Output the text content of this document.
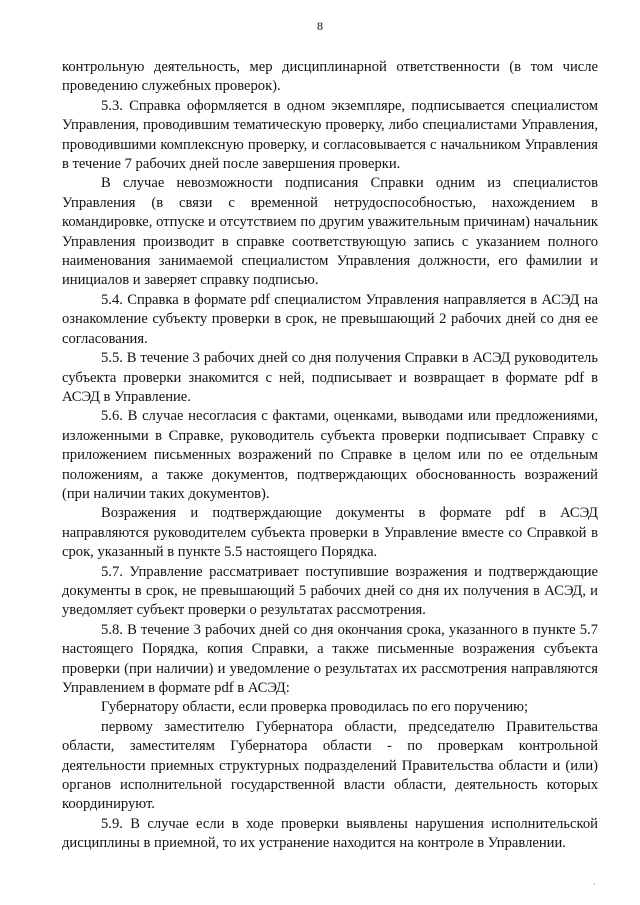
8

контрольную деятельность, мер дисциплинарной ответственности (в том числе проведению служебных проверок).

5.3. Справка оформляется в одном экземпляре, подписывается специалистом Управления, проводившим тематическую проверку, либо специалистами Управления, проводившими комплексную проверку, и согласовывается с начальником Управления в течение 7 рабочих дней после завершения проверки.

В случае невозможности подписания Справки одним из специалистов Управления (в связи с временной нетрудоспособностью, нахождением в командировке, отпуске и отсутствием по другим уважительным причинам) начальник Управления производит в справке соответствующую запись с указанием полного наименования занимаемой специалистом Управления должности, его фамилии и инициалов и заверяет справку подписью.

5.4. Справка в формате pdf специалистом Управления направляется в АСЭД на ознакомление субъекту проверки в срок, не превышающий 2 рабочих дней со дня ее согласования.

5.5. В течение 3 рабочих дней со дня получения Справки в АСЭД руководитель субъекта проверки знакомится с ней, подписывает и возвращает в формате pdf в АСЭД в Управление.

5.6. В случае несогласия с фактами, оценками, выводами или предложениями, изложенными в Справке, руководитель субъекта проверки подписывает Справку с приложением письменных возражений по Справке в целом или по ее отдельным положениям, а также документов, подтверждающих обоснованность возражений (при наличии таких документов).

Возражения и подтверждающие документы в формате pdf в АСЭД направляются руководителем субъекта проверки в Управление вместе со Справкой в срок, указанный в пункте 5.5 настоящего Порядка.

5.7. Управление рассматривает поступившие возражения и подтверждающие документы в срок, не превышающий 5 рабочих дней со дня их получения в АСЭД, и уведомляет субъект проверки о результатах рассмотрения.

5.8. В течение 3 рабочих дней со дня окончания срока, указанного в пункте 5.7 настоящего Порядка, копия Справки, а также письменные возражения субъекта проверки (при наличии) и уведомление о результатах их рассмотрения направляются Управлением в формате pdf в АСЭД:

Губернатору области, если проверка проводилась по его поручению;

первому заместителю Губернатора области, председателю Правительства области, заместителям Губернатора области - по проверкам контрольной деятельности приемных структурных подразделений Правительства области и (или) органов исполнительной государственной власти области, деятельность которых координируют.

5.9. В случае если в ходе проверки выявлены нарушения исполнительской дисциплины в приемной, то их устранение находится на контроле в Управлении.

·
